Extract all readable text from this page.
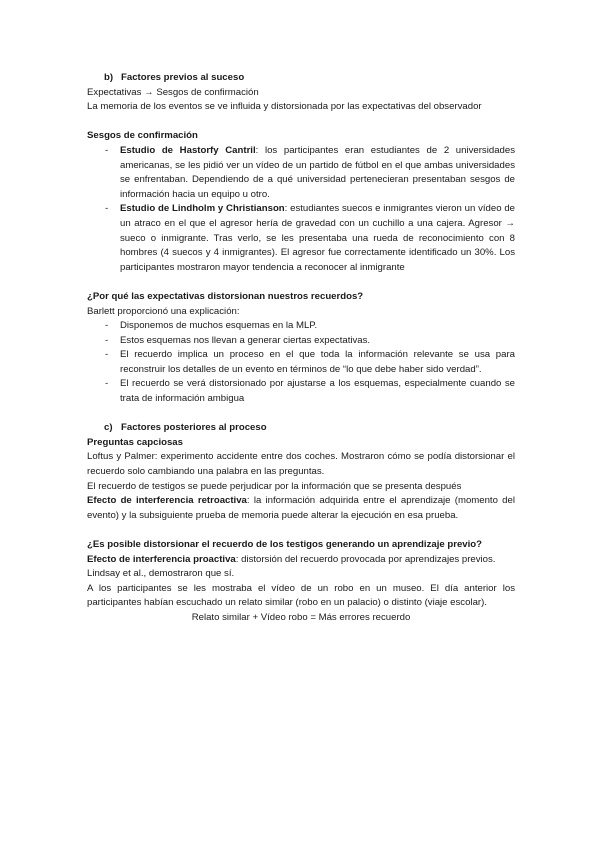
b) Factores previos al suceso
Expectativas → Sesgos de confirmación
La memoria de los eventos se ve influida y distorsionada por las expectativas del observador
Sesgos de confirmación
- Estudio de Hastorfy Cantril: los participantes eran estudiantes de 2 universidades americanas, se les pidió ver un vídeo de un partido de fútbol en el que ambas universidades se enfrentaban. Dependiendo de a qué universidad pertenecieran presentaban sesgos de información hacia un equipo u otro.
- Estudio de Lindholm y Christianson: estudiantes suecos e inmigrantes vieron un vídeo de un atraco en el que el agresor hería de gravedad con un cuchillo a una cajera. Agresor → sueco o inmigrante. Tras verlo, se les presentaba una rueda de reconocimiento con 8 hombres (4 suecos y 4 inmigrantes). El agresor fue correctamente identificado un 30%. Los participantes mostraron mayor tendencia a reconocer al inmigrante
¿Por qué las expectativas distorsionan nuestros recuerdos?
Barlett proporcionó una explicación:
- Disponemos de muchos esquemas en la MLP.
- Estos esquemas nos llevan a generar ciertas expectativas.
- El recuerdo implica un proceso en el que toda la información relevante se usa para reconstruir los detalles de un evento en términos de “lo que debe haber sido verdad”.
- El recuerdo se verá distorsionado por ajustarse a los esquemas, especialmente cuando se trata de información ambigua
c) Factores posteriores al proceso
Preguntas capciosas
Loftus y Palmer: experimento accidente entre dos coches. Mostraron cómo se podía distorsionar el recuerdo solo cambiando una palabra en las preguntas.
El recuerdo de testigos se puede perjudicar por la información que se presenta después
Efecto de interferencia retroactiva: la información adquirida entre el aprendizaje (momento del evento) y la subsiguiente prueba de memoria puede alterar la ejecución en esa prueba.
¿Es posible distorsionar el recuerdo de los testigos generando un aprendizaje previo?
Efecto de interferencia proactiva: distorsión del recuerdo provocada por aprendizajes previos.
Lindsay et al., demostraron que sí.
A los participantes se les mostraba el vídeo de un robo en un museo. El día anterior los participantes habían escuchado un relato similar (robo en un palacio) o distinto (viaje escolar).
Relato similar + Vídeo robo = Más errores recuerdo
